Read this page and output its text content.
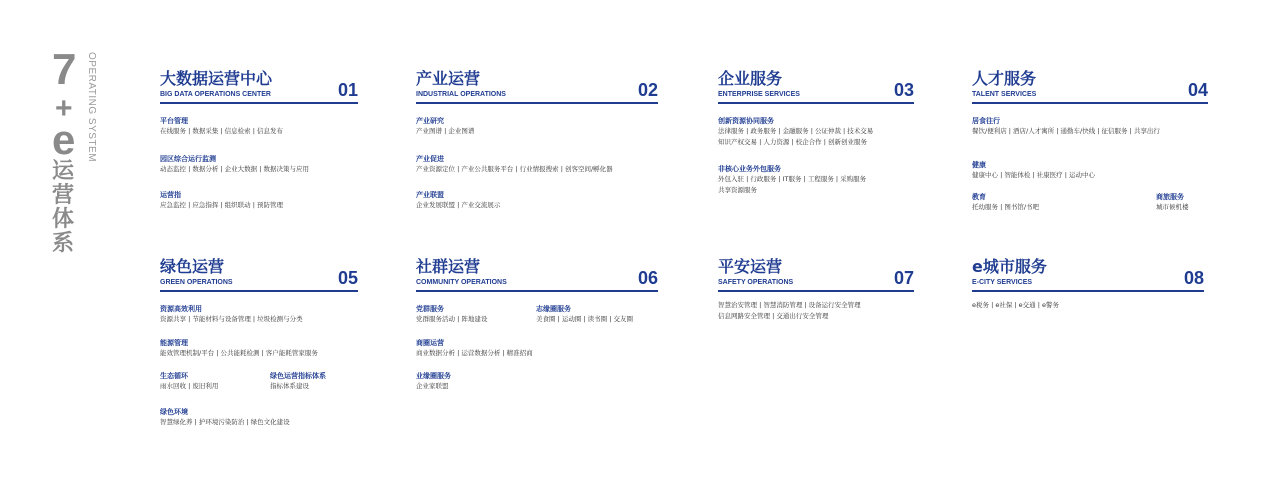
7
+
e
运营体系
OPERATING SYSTEM	大数据运营中心
BIG DATA OPERATIONS CENTER	01
平台管理
在线服务 | 数据采集 | 信息检索 | 信息发布
园区综合运行监测
动态监控 | 数据分析 | 企业大数据 | 数据决策与应用
运营指
应急监控 | 应急指挥 | 组织联动 | 预防管理
产业运营
INDUSTRIAL OPERATIONS	02
产业研究
产业图谱 | 企业图谱
产业促进
产业资源定位 | 产业公共服务平台 | 行业情报搜索 | 创客空间/孵化器
产业联盟
企业发展联盟 | 产业交流展示
企业服务
ENTERPRISE SERVICES	03
创新资源协同服务
法律服务 | 政务服务 | 金融服务 | 公证仲裁 | 技术交易
知识产权交易 | 人力资源 | 校企合作 | 创新创业服务
非核心业务外包服务
外包入驻 | 行政服务 | IT服务 | 工程服务 | 采购服务
共享资源服务
人才服务
TALENT SERVICES	04
居食往行
餐饮/便利店 | 酒店/人才寓所 | 通勤车/快线 | 征信服务 | 共享出行
健康
健康中心 | 智能体检 | 社康医疗 | 运动中心
教育
托幼服务 | 图书馆/书吧
商旅服务
城市候机楼
绿色运营
GREEN OPERATIONS	05
资源高效利用
资源共享 | 节能材料与设备管理 | 垃圾检测与分类
能源管理
能效管理机制/平台 | 公共能耗检测 | 客户能耗管家服务
生态循环
雨水回收 | 废旧利用
绿色运营指标体系
指标体系建设
绿色环境
智慧绿化养 | 护环境污染防治 | 绿色文化建设
社群运营
COMMUNITY OPERATIONS	06
党群服务
党群服务活动 | 阵地建设
志缘圈服务
美食圈 | 运动圈 | 读书圈 | 交友圈
商圈运营
商业数据分析 | 运营数据分析 | 精准招商
业缘圈服务
企业家联盟
平安运营
SAFETY OPERATIONS	07
智慧治安管理 | 智慧消防管理 | 设备运行安全管理
信息网路安全管理 | 交通出行安全管理
e城市服务
E-CITY SERVICES	08
e税务 | e社保 | e交通 | e警务
